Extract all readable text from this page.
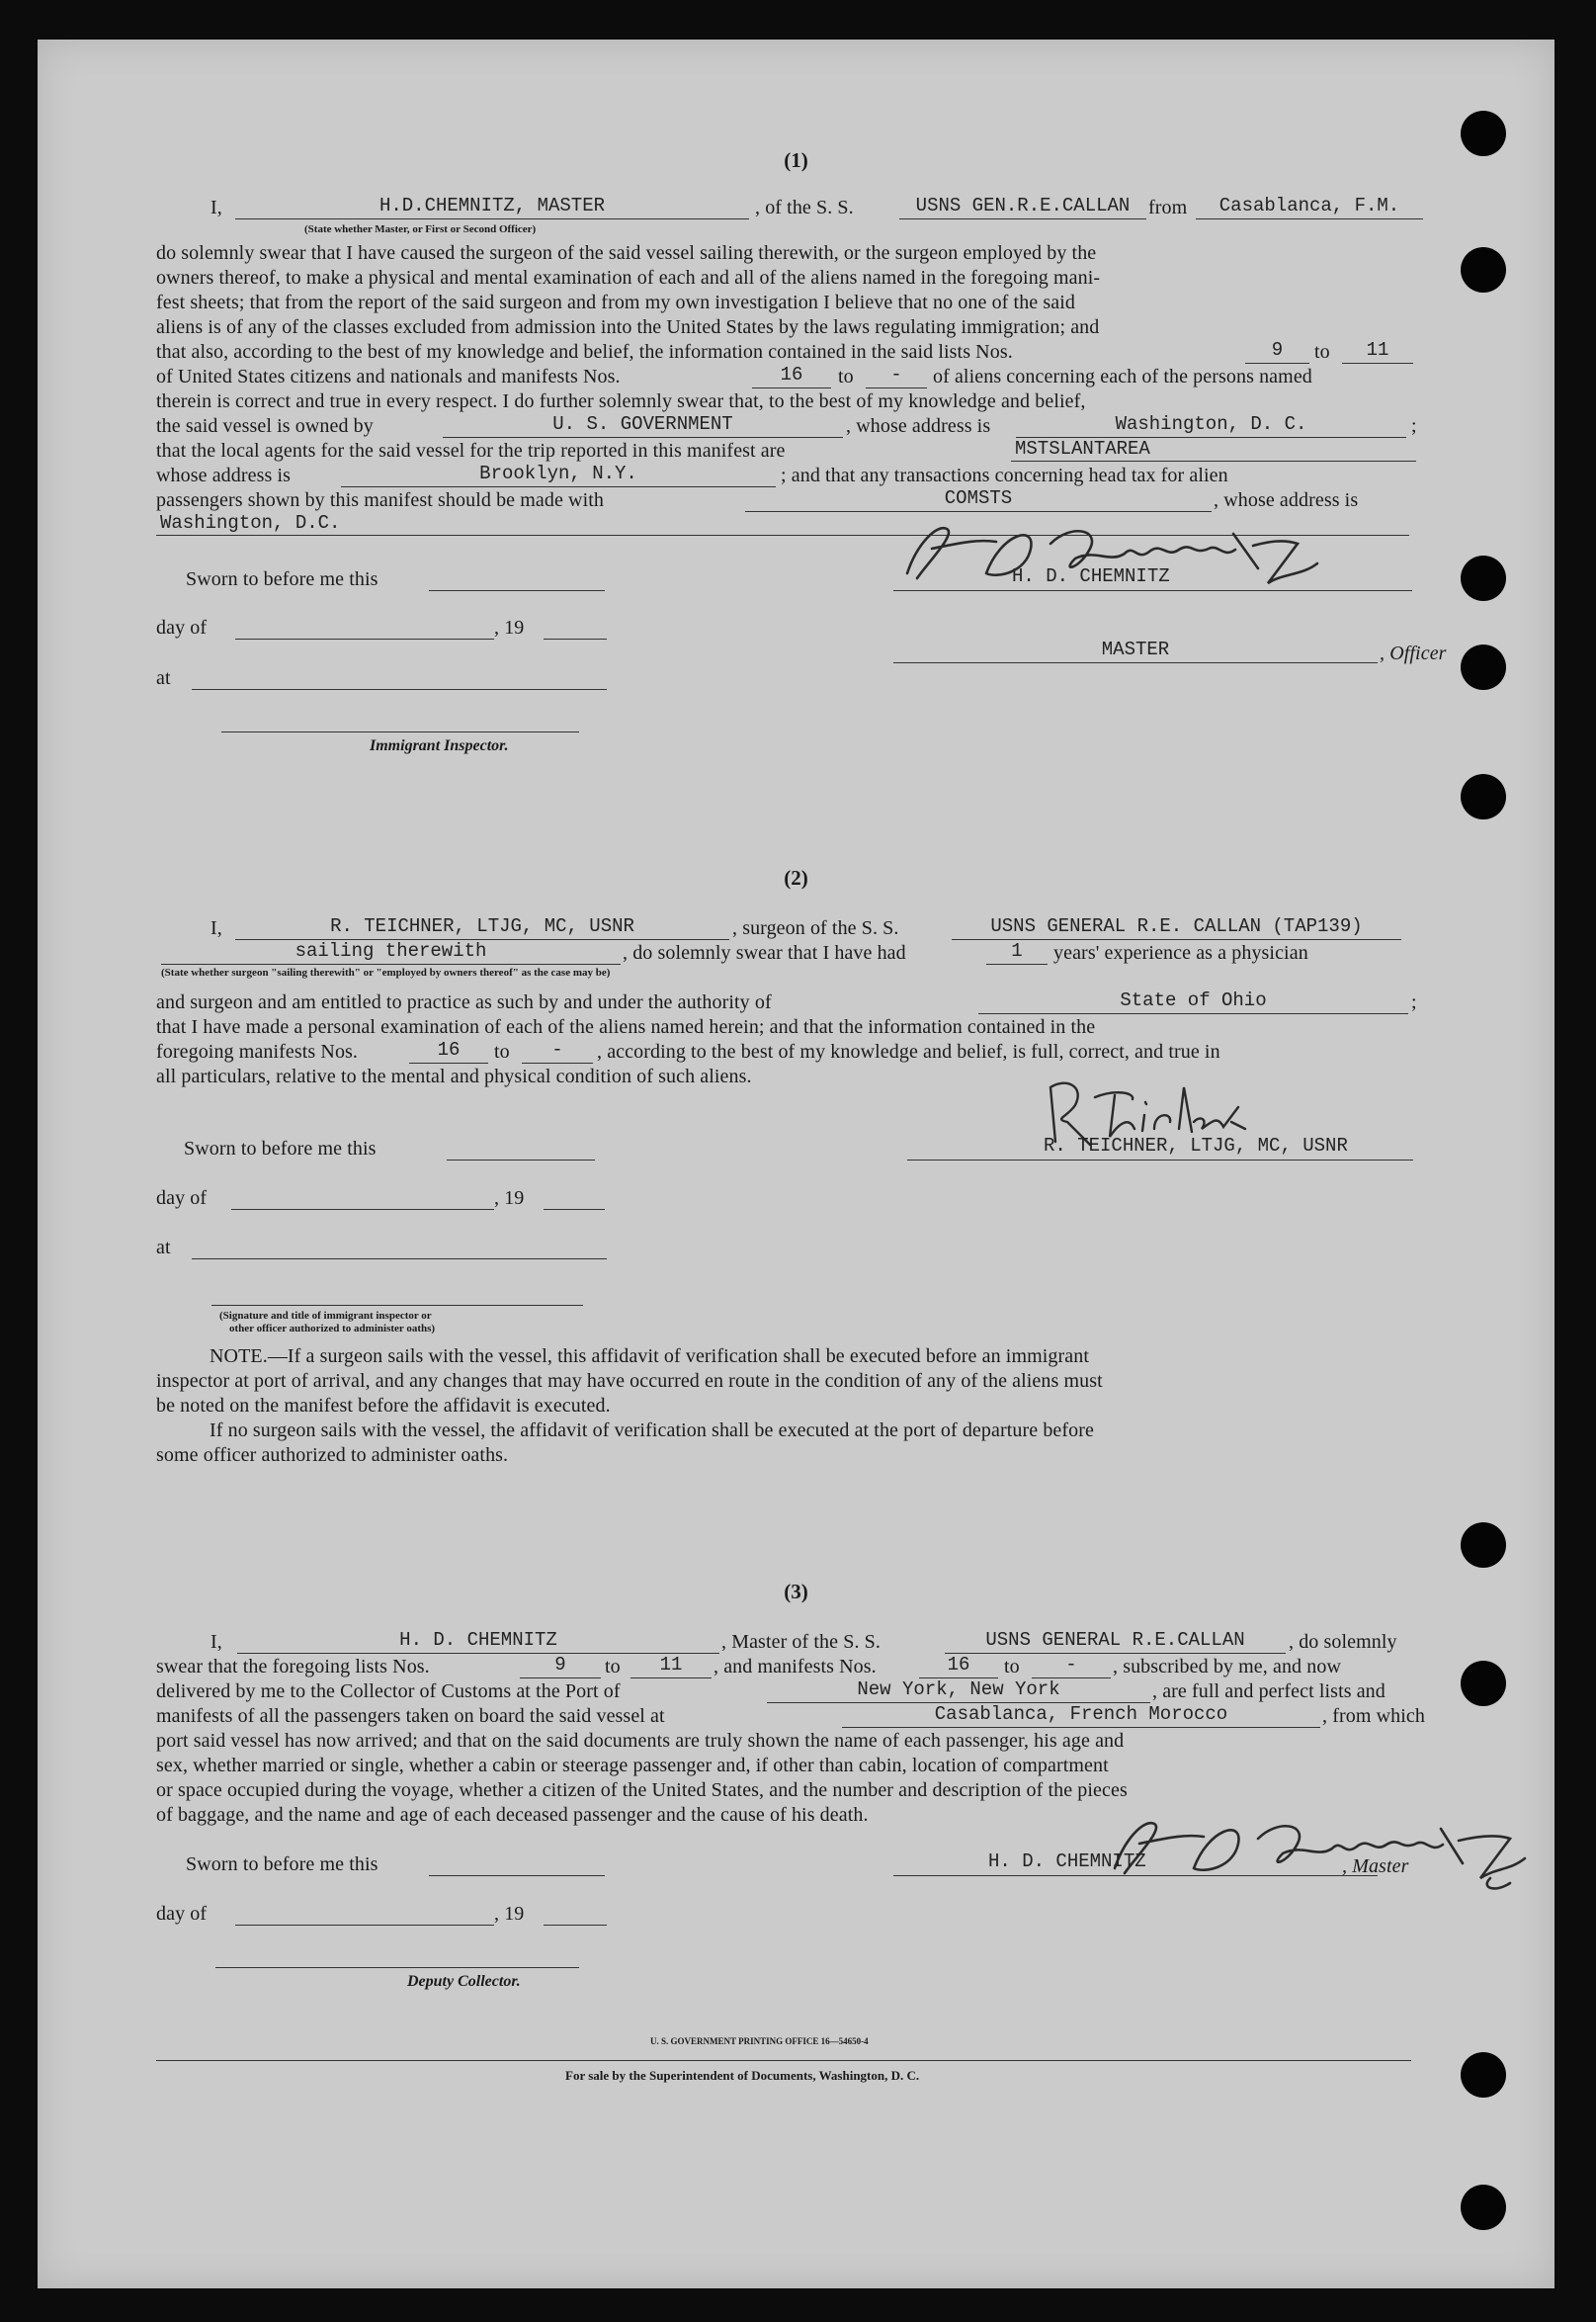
(1)
I,	H.D.CHEMNITZ, MASTER	, of the S. S.	USNS GEN.R.E.CALLAN from	Casablanca, F.M.
(State whether Master, or First or Second Officer)
do solemnly swear that I have caused the surgeon of the said vessel sailing therewith, or the surgeon employed by the
owners thereof, to make a physical and mental examination of each and all of the aliens named in the foregoing mani-
fest sheets; that from the report of the said surgeon and from my own investigation I believe that no one of the said
aliens is of any of the classes excluded from admission into the United States by the laws regulating immigration; and
that also, according to the best of my knowledge and belief, the information contained in the said lists Nos.	9	to	11
of United States citizens and nationals and manifests Nos.	16	to	-	of aliens concerning each of the persons named
therein is correct and true in every respect. I do further solemnly swear that, to the best of my knowledge and belief,
the said vessel is owned by	U. S. GOVERNMENT	, whose address is	Washington, D. C.	;
that the local agents for the said vessel for the trip reported in this manifest are	MSTSLANTAREA
whose address is	Brooklyn, N.Y.	; and that any transactions concerning head tax for alien
passengers shown by this manifest should be made with	COMSTS	, whose address is
Washington, D.C.
Sworn to before me this	H. D. CHEMNITZ
day of	, 19
MASTER	, Officer
at
Immigrant Inspector.
(2)
I,	R. TEICHNER, LTJG, MC, USNR	, surgeon of the S. S.	USNS GENERAL R.E. CALLAN (TAP139)
sailing therewith	, do solemnly swear that I have had	1	years' experience as a physician
(State whether surgeon "sailing therewith" or "employed by owners thereof" as the case may be)
and surgeon and am entitled to practice as such by and under the authority of	State of Ohio	;
that I have made a personal examination of each of the aliens named herein; and that the information contained in the
foregoing manifests Nos.	16	to	-	, according to the best of my knowledge and belief, is full, correct, and true in
all particulars, relative to the mental and physical condition of such aliens.
Sworn to before me this	R. TEICHNER, LTJG, MC, USNR
day of	, 19
at
(Signature and title of immigrant inspector or
other officer authorized to administer oaths)
NOTE.—If a surgeon sails with the vessel, this affidavit of verification shall be executed before an immigrant
inspector at port of arrival, and any changes that may have occurred en route in the condition of any of the aliens must
be noted on the manifest before the affidavit is executed.
If no surgeon sails with the vessel, the affidavit of verification shall be executed at the port of departure before
some officer authorized to administer oaths.
(3)
I,	H. D. CHEMNITZ	, Master of the S. S.	USNS GENERAL R.E.CALLAN	, do solemnly
swear that the foregoing lists Nos.	9	to	11	, and manifests Nos.	16	to	-	, subscribed by me, and now
delivered by me to the Collector of Customs at the Port of	New York, New York	, are full and perfect lists and
manifests of all the passengers taken on board the said vessel at	Casablanca, French Morocco	, from which
port said vessel has now arrived; and that on the said documents are truly shown the name of each passenger, his age and
sex, whether married or single, whether a cabin or steerage passenger and, if other than cabin, location of compartment
or space occupied during the voyage, whether a citizen of the United States, and the number and description of the pieces
of baggage, and the name and age of each deceased passenger and the cause of his death.
Sworn to before me this	H. D. CHEMNITZ	, Master
day of	, 19
Deputy Collector.
U. S. GOVERNMENT PRINTING OFFICE 16—54650-4
For sale by the Superintendent of Documents, Washington, D. C.
